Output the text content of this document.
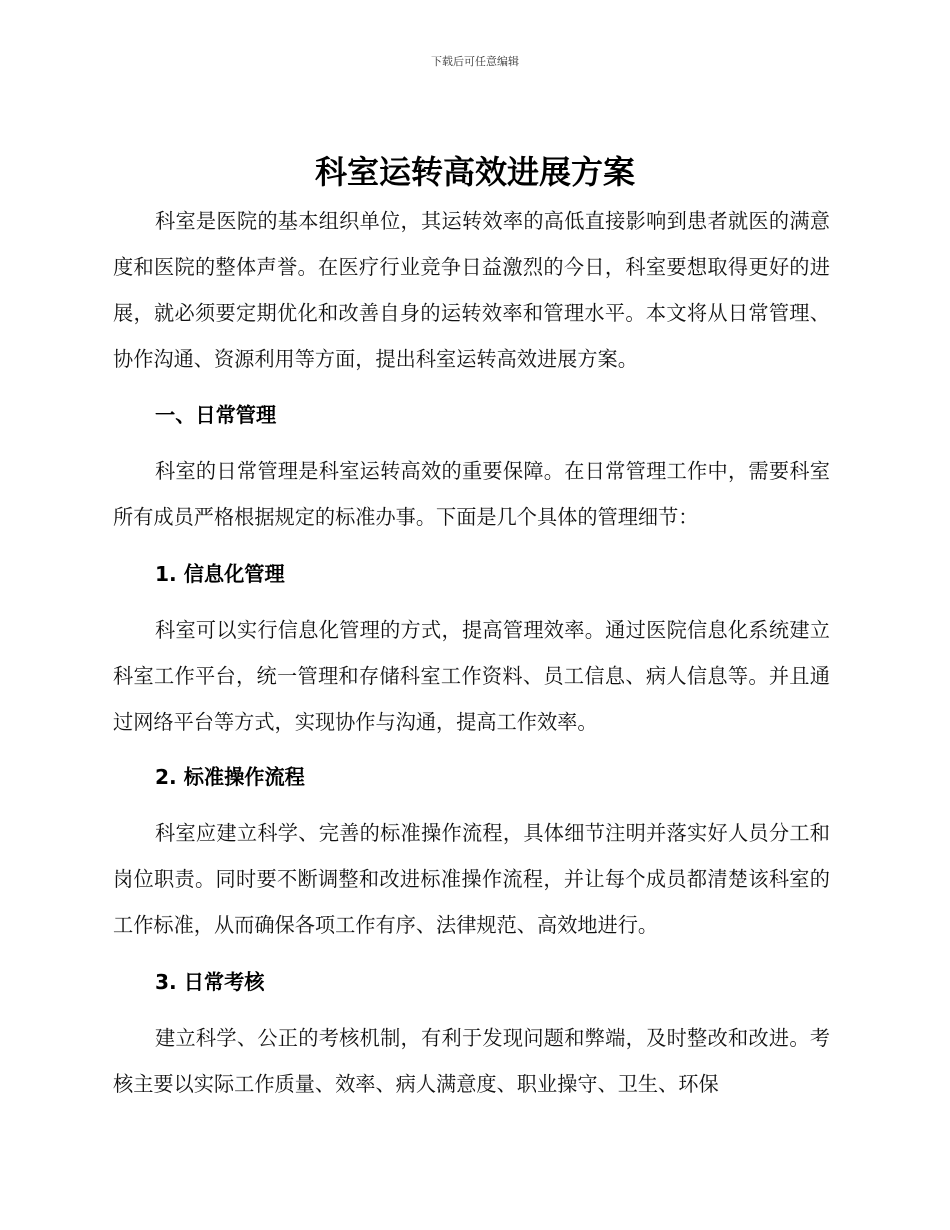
下载后可任意编辑
科室运转高效进展方案

科室是医院的基本组织单位，其运转效率的高低直接影响到患者就医的满意度和医院的整体声誉。在医疗行业竞争日益激烈的今日，科室要想取得更好的进展，就必须要定期优化和改善自身的运转效率和管理水平。本文将从日常管理、协作沟通、资源利用等方面，提出科室运转高效进展方案。

一、日常管理

科室的日常管理是科室运转高效的重要保障。在日常管理工作中，需要科室所有成员严格根据规定的标准办事。下面是几个具体的管理细节：

1. 信息化管理

科室可以实行信息化管理的方式，提高管理效率。通过医院信息化系统建立科室工作平台，统一管理和存储科室工作资料、员工信息、病人信息等。并且通过网络平台等方式，实现协作与沟通，提高工作效率。

2. 标准操作流程

科室应建立科学、完善的标准操作流程，具体细节注明并落实好人员分工和岗位职责。同时要不断调整和改进标准操作流程，并让每个成员都清楚该科室的工作标准，从而确保各项工作有序、法律规范、高效地进行。

3. 日常考核

建立科学、公正的考核机制，有利于发现问题和弊端，及时整改和改进。考核主要以实际工作质量、效率、病人满意度、职业操守、卫生、环保
